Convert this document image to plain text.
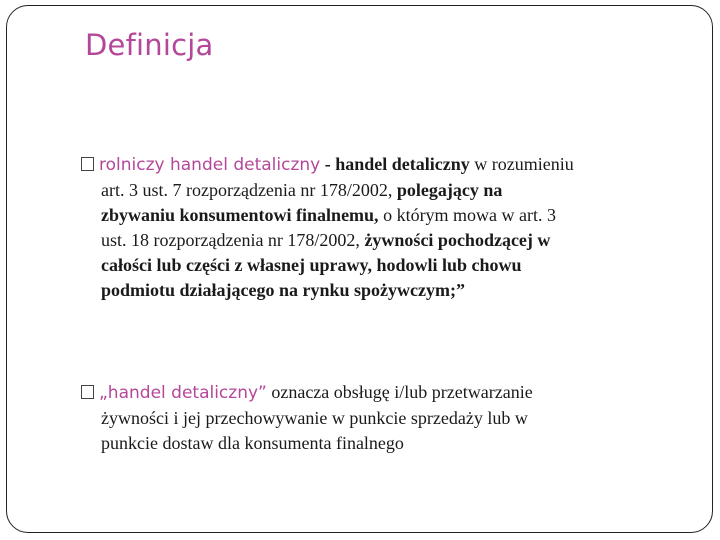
Definicja
rolniczy handel detaliczny - handel detaliczny w rozumieniu
art. 3 ust. 7 rozporządzenia nr 178/2002, polegający na
zbywaniu konsumentowi finalnemu, o którym mowa w art. 3
ust. 18 rozporządzenia nr 178/2002, żywności pochodzącej w
całości lub części z własnej uprawy, hodowli lub chowu
podmiotu działającego na rynku spożywczym;”
„handel detaliczny” oznacza obsługę i/lub przetwarzanie
żywności i jej przechowywanie w punkcie sprzedaży lub w
punkcie dostaw dla konsumenta finalnego
